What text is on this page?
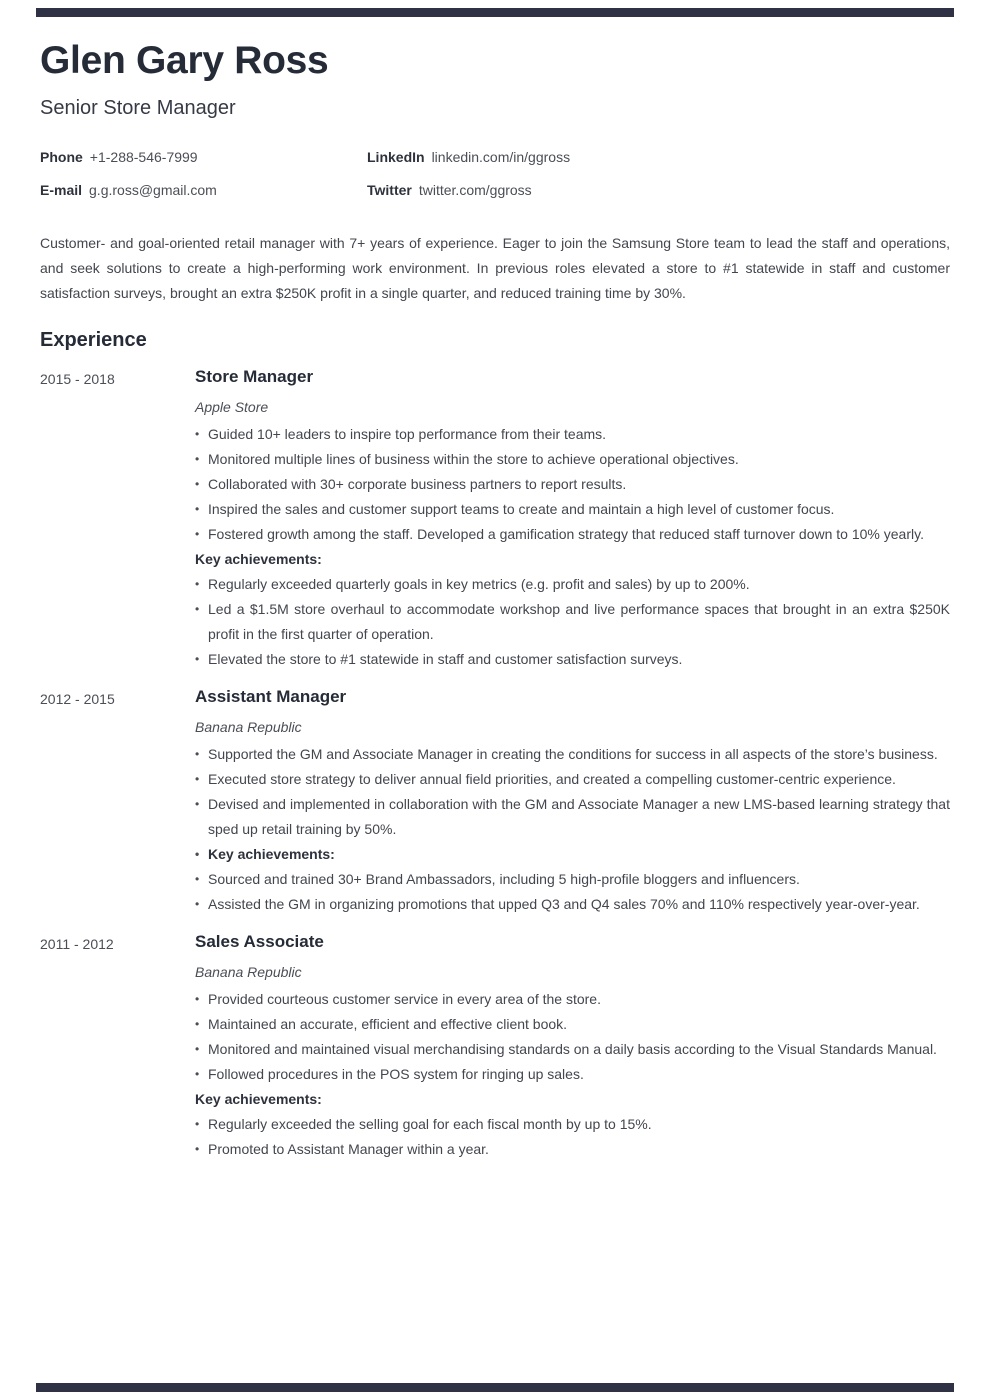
Glen Gary Ross
Senior Store Manager
Phone +1-288-546-7999	LinkedIn linkedin.com/in/ggross
E-mail g.g.ross@gmail.com	Twitter twitter.com/ggross

Customer- and goal-oriented retail manager with 7+ years of experience. Eager to join the Samsung Store team to lead the staff and operations, and seek solutions to create a high-performing work environment. In previous roles elevated a store to #1 statewide in staff and customer satisfaction surveys, brought an extra $250K profit in a single quarter, and reduced training time by 30%.

Experience
2015 - 2018	Store Manager
Apple Store
• Guided 10+ leaders to inspire top performance from their teams.
• Monitored multiple lines of business within the store to achieve operational objectives.
• Collaborated with 30+ corporate business partners to report results.
• Inspired the sales and customer support teams to create and maintain a high level of customer focus.
• Fostered growth among the staff. Developed a gamification strategy that reduced staff turnover down to 10% yearly.
Key achievements:
• Regularly exceeded quarterly goals in key metrics (e.g. profit and sales) by up to 200%.
• Led a $1.5M store overhaul to accommodate workshop and live performance spaces that brought in an extra $250K profit in the first quarter of operation.
• Elevated the store to #1 statewide in staff and customer satisfaction surveys.
2012 - 2015	Assistant Manager
Banana Republic
• Supported the GM and Associate Manager in creating the conditions for success in all aspects of the store’s business.
• Executed store strategy to deliver annual field priorities, and created a compelling customer-centric experience.
• Devised and implemented in collaboration with the GM and Associate Manager a new LMS-based learning strategy that sped up retail training by 50%.
• Key achievements:
• Sourced and trained 30+ Brand Ambassadors, including 5 high-profile bloggers and influencers.
• Assisted the GM in organizing promotions that upped Q3 and Q4 sales 70% and 110% respectively year-over-year.
2011 - 2012	Sales Associate
Banana Republic
• Provided courteous customer service in every area of the store.
• Maintained an accurate, efficient and effective client book.
• Monitored and maintained visual merchandising standards on a daily basis according to the Visual Standards Manual.
• Followed procedures in the POS system for ringing up sales.
Key achievements:
• Regularly exceeded the selling goal for each fiscal month by up to 15%.
• Promoted to Assistant Manager within a year.
